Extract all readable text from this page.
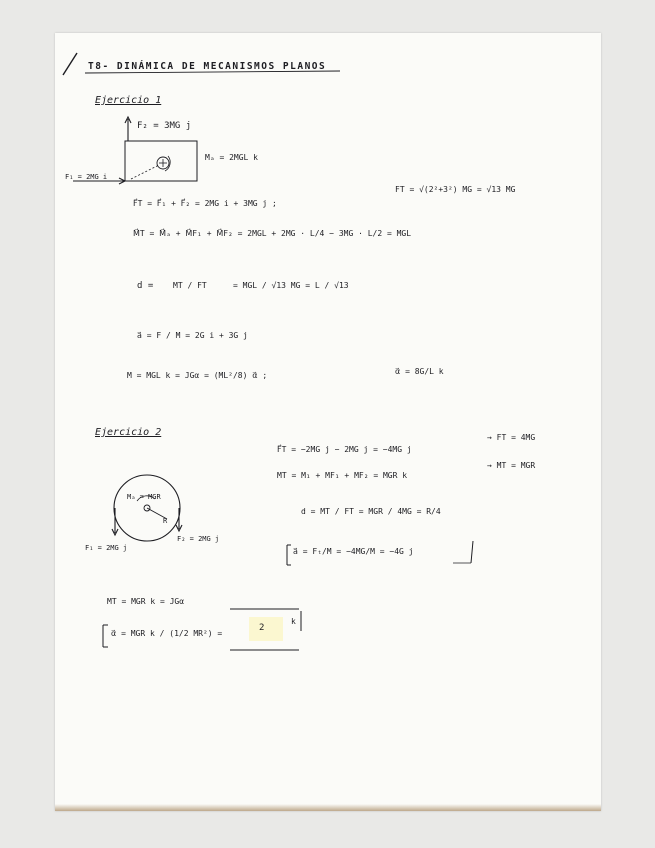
T8- DINÁMICA DE MECANISMOS PLANOS
Ejercicio 1
F₂ = 3MG j
F₁ = 2MG i
Mₐ = 2MGL k
F⃗T = F⃗₁ + F⃗₂ = 2MG i + 3MG j ;
FT = √(2²+3²) MG = √13 MG
M⃗T = M⃗ₐ + M⃗F₁ + M⃗F₂ = 2MGL + 2MG · L/4 − 3MG · L/2 = MGL
d = MT / FT	= MGL / √13 MG = L / √13
a⃗ = F / M = 2G i + 3G j
M = MGL k = JGα = (ML²/8) α⃗ ;	α⃗ = 8G/L k
Ejercicio 2
Mₐ = MGR
R
F₁ = 2MG j
F₂ = 2MG j
F⃗T = −2MG j − 2MG j = −4MG j
→ FT = 4MG
MT = M₁ + MF₁ + MF₂ = MGR k
→ MT = MGR
d = MT / FT = MGR / 4MG = R/4
a⃗ = Fₜ/M = −4MG/M = −4G j
MT = MGR k = JGα
α⃗ = MGR k / (1/2 MR²) =
2
k
